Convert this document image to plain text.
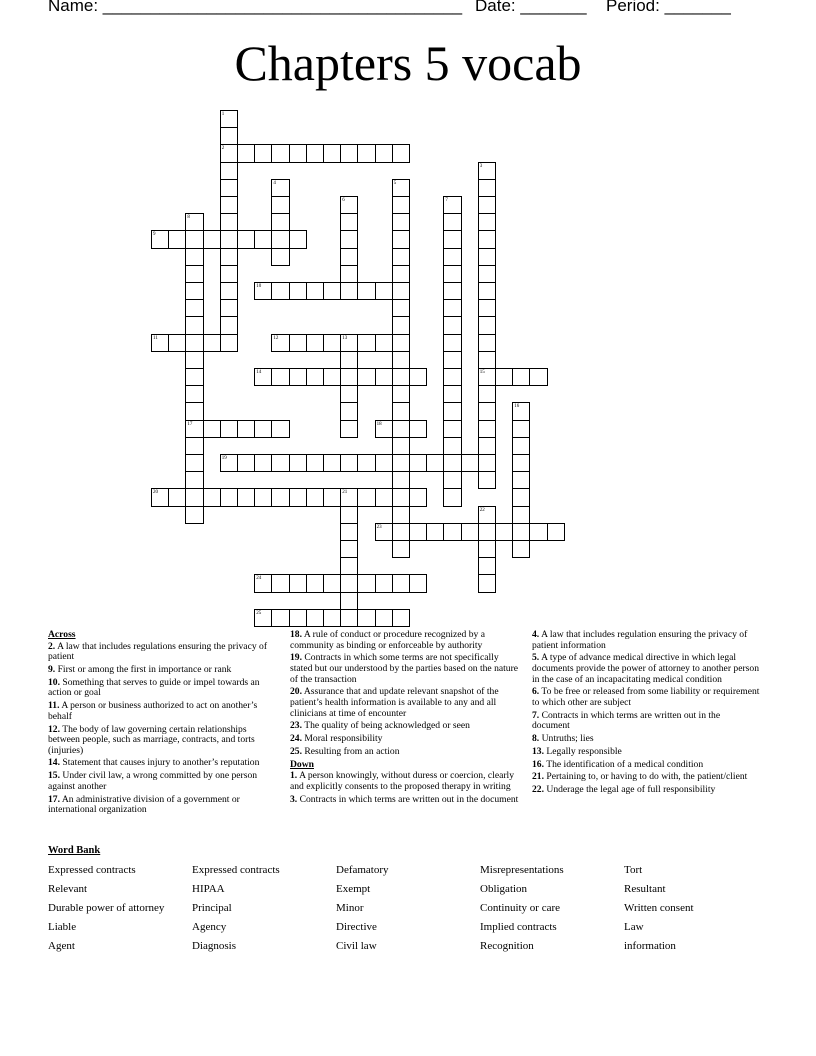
Name: ______________________________________ Date: _______ Period: _______
Chapters 5 vocab
1
2
3
4	5
6	7
8
9
10
11	12	13
14	15
16
17	18
19
20	21
22
23
24
25
Across
2. A law that includes regulations ensuring the privacy of patient
9. First or among the first in importance or rank
10. Something that serves to guide or impel towards an action or goal
11. A person or business authorized to act on another’s behalf
12. The body of law governing certain relationships between people, such as marriage, contracts, and torts (injuries)
14. Statement that causes injury to another’s reputation
15. Under civil law, a wrong committed by one person against another
17. An administrative division of a government or international organization
18. A rule of conduct or procedure recognized by a community as binding or enforceable by authority
19. Contracts in which some terms are not specifically stated but our understood by the parties based on the nature of the transaction
20. Assurance that and update relevant snapshot of the patient’s health information is available to any and all clinicians at time of encounter
23. The quality of being acknowledged or seen
24. Moral responsibility
25. Resulting from an action
Down
1. A person knowingly, without duress or coercion, clearly and explicitly consents to the proposed therapy in writing
3. Contracts in which terms are written out in the document
4. A law that includes regulation ensuring the privacy of patient information
5. A type of advance medical directive in which legal documents provide the power of attorney to another person in the case of an incapacitating medical condition
6. To be free or released from some liability or requirement to which other are subject
7. Contracts in which terms are written out in the document
8. Untruths; lies
13. Legally responsible
16. The identification of a medical condition
21. Pertaining to, or having to do with, the patient/client
22. Underage the legal age of full responsibility
Word Bank
Expressed contracts	Expressed contracts	Defamatory	Misrepresentations	Tort
Relevant	HIPAA	Exempt	Obligation	Resultant
Durable power of attorney	Principal	Minor	Continuity or care	Written consent
Liable	Agency	Directive	Implied contracts	Law
Agent	Diagnosis	Civil law	Recognition	information
